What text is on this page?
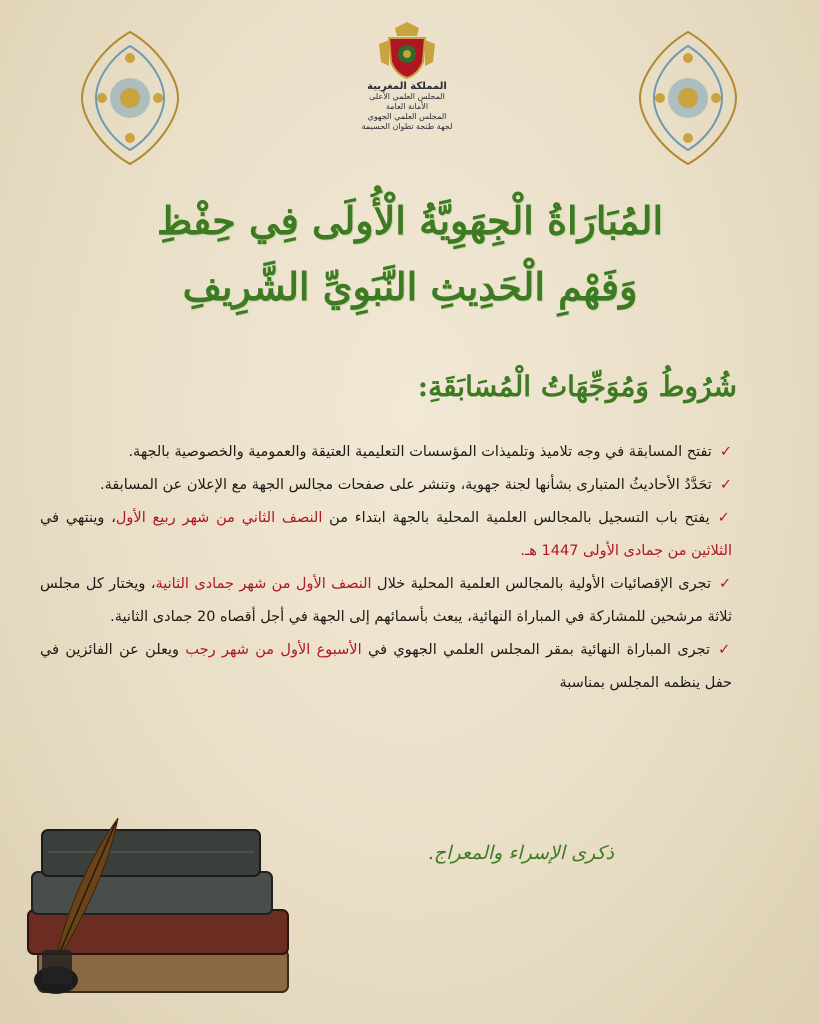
المملكة المغربية
المجلس العلمي الأعلى
الأمانة العامة
المجلس العلمي الجهوي
لجهة طنجة تطوان الحسيمة
المُبَارَاةُ الْجِهَوِيَّةُ الْأُولَى فِي حِفْظِ
وَفَهْمِ الْحَدِيثِ النَّبَوِيِّ الشَّرِيفِ
شُرُوطُ وَمُوَجِّهَاتُ الْمُسَابَقَةِ:

✓تفتح المسابقة في وجه تلاميذ وتلميذات المؤسسات التعليمية العتيقة والعمومية والخصوصية بالجهة.

✓تحَدَّدُ الأحاديثُ المتبارى بشأنها لجنة جهوية، وتنشر على صفحات مجالس الجهة مع الإعلان عن المسابقة.

✓يفتح باب التسجيل بالمجالس العلمية المحلية بالجهة ابتداء من النصف الثاني من شهر ربيع الأول، وينتهي في الثلاثين من جمادى الأولى 1447 هـ.

✓تجرى الإقصائيات الأولية بالمجالس العلمية المحلية خلال النصف الأول من شهر جمادى الثانية، ويختار كل مجلس ثلاثة مرشحين للمشاركة في المباراة النهائية، يبعث بأسمائهم إلى الجهة في أجل أقصاه 20 جمادى الثانية.

✓تجرى المباراة النهائية بمقر المجلس العلمي الجهوي في الأسبوع الأول من شهر رجب ويعلن عن الفائزين في حفل ينظمه المجلس بمناسبة

ذكرى الإسراء والمعراج.
